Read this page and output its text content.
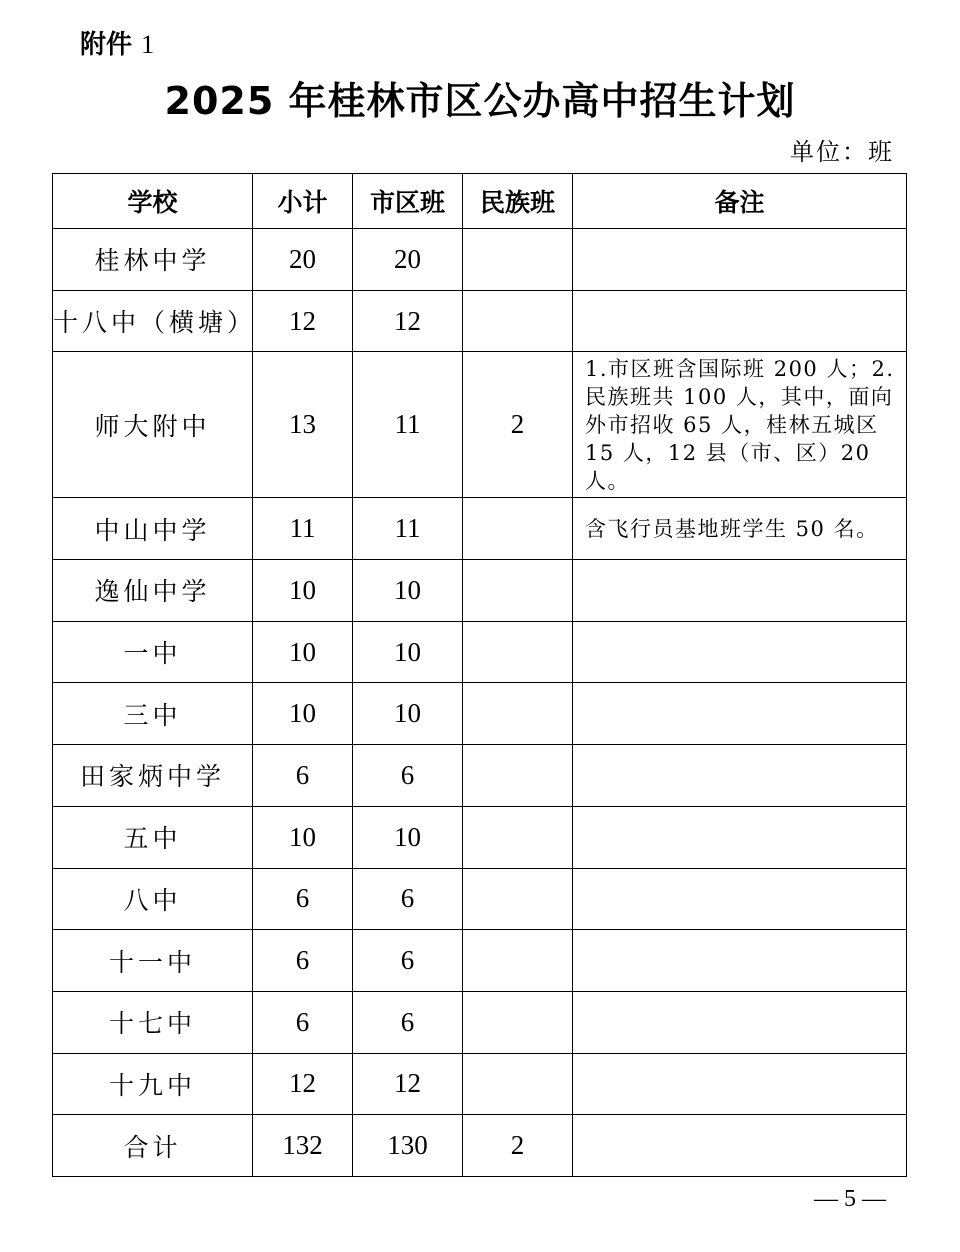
附件 1
2025 年桂林市区公办高中招生计划
单位：班
学校	小计	市区班	民族班	备注
桂林中学	20	20		
十八中（横塘）	12	12		
师大附中	13	11	2	1.市区班含国际班 200 人；2.民族班共 100 人，其中，面向外市招收 65 人，桂林五城区 15 人，12 县（市、区）20 人。
中山中学	11	11		含飞行员基地班学生 50 名。
逸仙中学	10	10		
一中	10	10		
三中	10	10		
田家炳中学	6	6		
五中	10	10		
八中	6	6		
十一中	6	6		
十七中	6	6		
十九中	12	12		
合计	132	130	2	
— 5 —
